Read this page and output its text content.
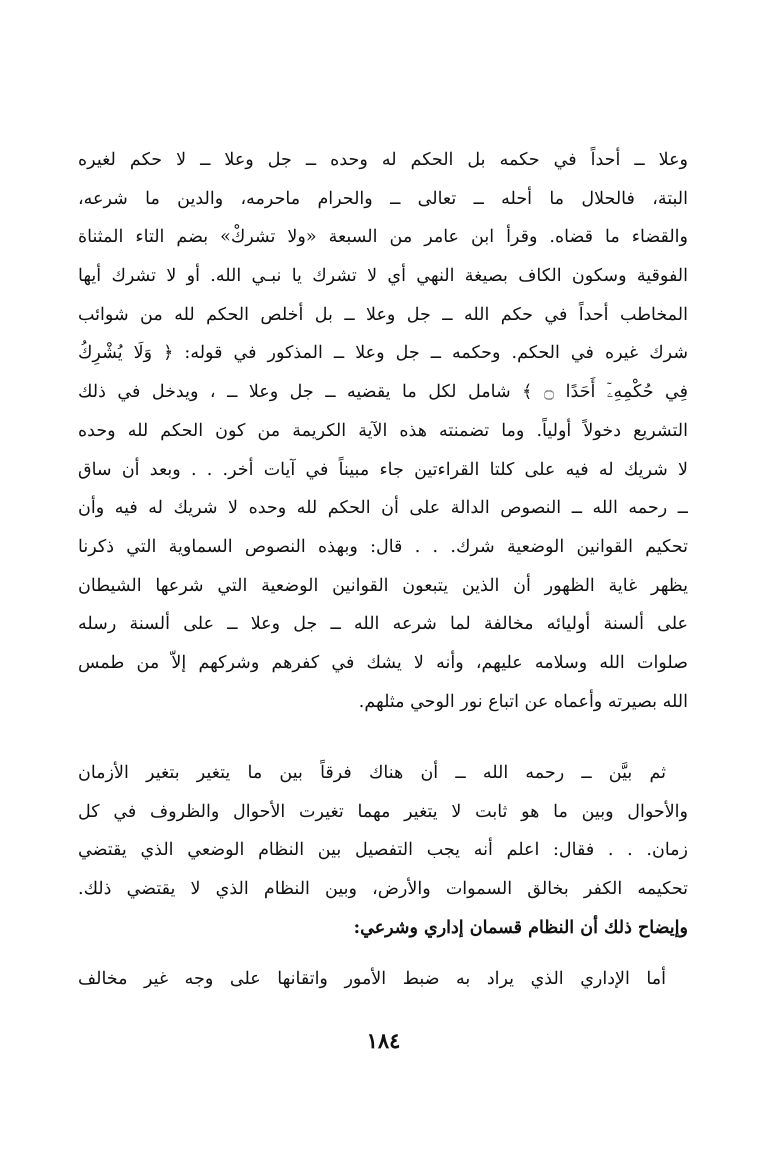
وعلا ــ أحداً في حكمه بل الحكم له وحده ــ جل وعلا ــ لا حكم لغيره
البتة، فالحلال ما أحله ــ تعالى ــ والحرام ماحرمه، والدين ما شرعه،
والقضاء ما قضاه. وقرأ ابن عامر من السبعة «ولا تشركْ» بضم التاء المثناة
الفوقية وسكون الكاف بصيغة النهي أي لا تشرك يا نبـي الله. أو لا تشرك أيها
المخاطب أحداً في حكم الله ــ جل وعلا ــ بل أخلص الحكم لله من شوائب
شرك غيره في الحكم. وحكمه ــ جل وعلا ــ المذكور في قوله: ﴿ وَلَا يُشْرِكُ
فِي حُكْمِهِۦٓ أَحَدًا ۝ ﴾ شامل لكل ما يقضيه ــ جل وعلا ــ ، ويدخل في ذلك
التشريع دخولاً أولياً. وما تضمنته هذه الآية الكريمة من كون الحكم لله وحده
لا شريك له فيه على كلتا القراءتين جاء مبيناً في آيات أخر. . . وبعد أن ساق
ــ رحمه الله ــ النصوص الدالة على أن الحكم لله وحده لا شريك له فيه وأن
تحكيم القوانين الوضعية شرك. . . قال: وبهذه النصوص السماوية التي ذكرنا
يظهر غاية الظهور أن الذين يتبعون القوانين الوضعية التي شرعها الشيطان
على ألسنة أوليائه مخالفة لما شرعه الله ــ جل وعلا ــ على ألسنة رسله
صلوات الله وسلامه عليهم، وأنه لا يشك في كفرهم وشركهم إلاّ من طمس
الله بصيرته وأعماه عن اتباع نور الوحي مثلهم.
ثم بيَّن ــ رحمه الله ــ أن هناك فرقاً بين ما يتغير بتغير الأزمان
والأحوال وبين ما هو ثابت لا يتغير مهما تغيرت الأحوال والظروف في كل
زمان. . . فقال: اعلم أنه يجب التفصيل بين النظام الوضعي الذي يقتضي
تحكيمه الكفر بخالق السموات والأرض، وبين النظام الذي لا يقتضي ذلك.
وإيضاح ذلك أن النظام قسمان إداري وشرعي:
أما الإداري الذي يراد به ضبط الأمور واتقانها على وجه غير مخالف
١٨٤
